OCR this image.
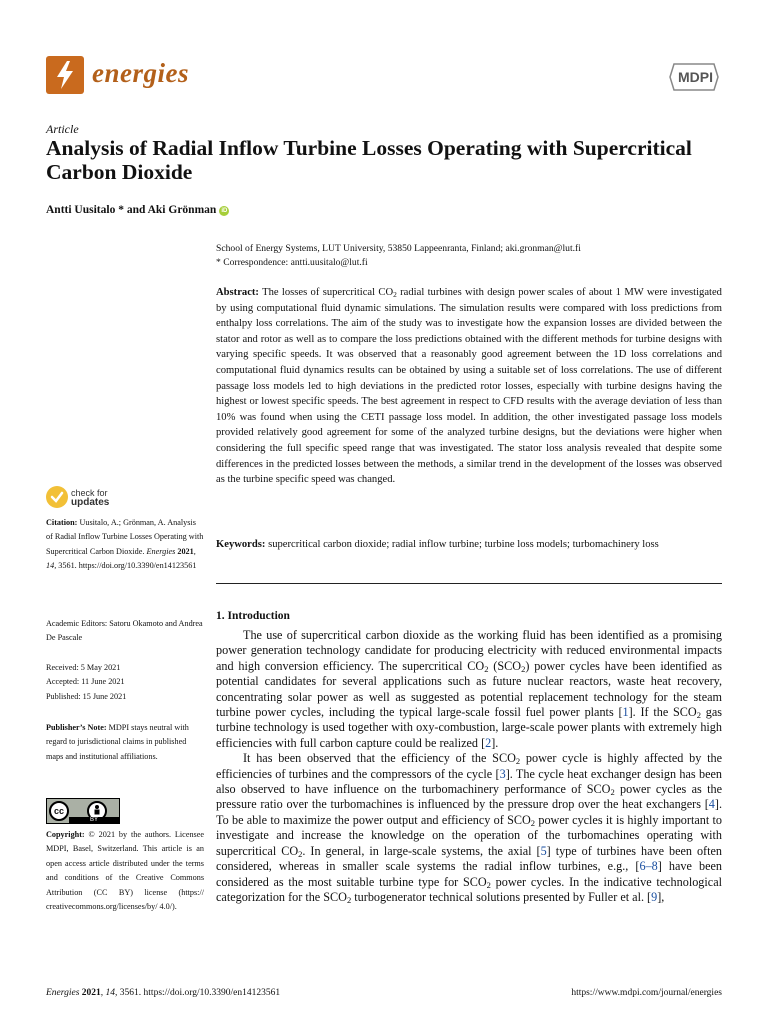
energies	MDPI
Article
Analysis of Radial Inflow Turbine Losses Operating with Supercritical Carbon Dioxide
Antti Uusitalo * and Aki Grönman iD
School of Energy Systems, LUT University, 53850 Lappeenranta, Finland; aki.gronman@lut.fi
* Correspondence: antti.uusitalo@lut.fi
Abstract: The losses of supercritical $CO_2$ radial turbines with design power scales of about 1 MW were investigated by using computational fluid dynamic simulations. The simulation results were compared with loss predictions from enthalpy loss correlations. The aim of the study was to investigate how the expansion losses are divided between the stator and rotor as well as to compare the loss predictions obtained with the different methods for turbine designs with varying specific speeds. It was observed that a reasonably good agreement between the 1D loss correlations and computational fluid dynamics results can be obtained by using a suitable set of loss correlations. The use of different passage loss models led to high deviations in the predicted rotor losses, especially with turbine designs having the highest or lowest specific speeds. The best agreement in respect to CFD results with the average deviation of less than 10% was found when using the CETI passage loss model. In addition, the other investigated passage loss models provided relatively good agreement for some of the analyzed turbine designs, but the deviations were higher when considering the full specific speed range that was investigated. The stator loss analysis revealed that despite some differences in the predicted losses between the methods, a similar trend in the development of the losses was observed as the turbine specific speed was changed.
Keywords: supercritical carbon dioxide; radial inflow turbine; turbine loss models; turbomachinery loss
1. Introduction

The use of supercritical carbon dioxide as the working fluid has been identified as a promising power generation technology candidate for producing electricity with reduced environmental impacts and high conversion efficiency. The supercritical $CO_2$ $(SCO_2)$ power cycles have been identified as potential candidates for several applications such as future nuclear reactors, waste heat recovery, concentrating solar power as well as suggested as potential replacement technology for the steam turbine power cycles, including the typical large-scale fossil fuel power plants [1]. If the $SCO_2$ gas turbine technology is used together with oxy-combustion, large-scale power plants with extremely high efficiencies with full carbon capture could be realized [2].

It has been observed that the efficiency of the $SCO_2$ power cycle is highly affected by the efficiencies of turbines and the compressors of the cycle [3]. The cycle heat exchanger design has been also observed to have influence on the turbomachinery performance of $SCO_2$ power cycles as the pressure ratio over the turbomachines is influenced by the pressure drop over the heat exchangers [4]. To be able to maximize the power output and efficiency of $SCO_2$ power cycles it is highly important to investigate and increase the knowledge on the operation of the turbomachines operating with supercritical $CO_2$. In general, in large-scale systems, the axial [5] type of turbines have been often considered, whereas in smaller scale systems the radial inflow turbines, e.g., [6–8] have been considered as the most suitable turbine type for $SCO_2$ power cycles. In the indicative technological categorization for the $SCO_2$ turbogenerator technical solutions presented by Fuller et al. [9],

check for
updates
Citation: Uusitalo, A.; Grönman, A. Analysis of Radial Inflow Turbine Losses Operating with Supercritical Carbon Dioxide. Energies 2021, 14, 3561. https://doi.org/10.3390/en14123561
Academic Editors: Satoru Okamoto and Andrea De Pascale
Received: 5 May 2021
Accepted: 11 June 2021
Published: 15 June 2021
Publisher’s Note: MDPI stays neutral with regard to jurisdictional claims in published maps and institutional affiliations.
cc
BY
Copyright: © 2021 by the authors. Licensee MDPI, Basel, Switzerland. This article is an open access article distributed under the terms and conditions of the Creative Commons Attribution (CC BY) license (https:// creativecommons.org/licenses/by/ 4.0/).
Energies 2021, 14, 3561. https://doi.org/10.3390/en14123561	https://www.mdpi.com/journal/energies
